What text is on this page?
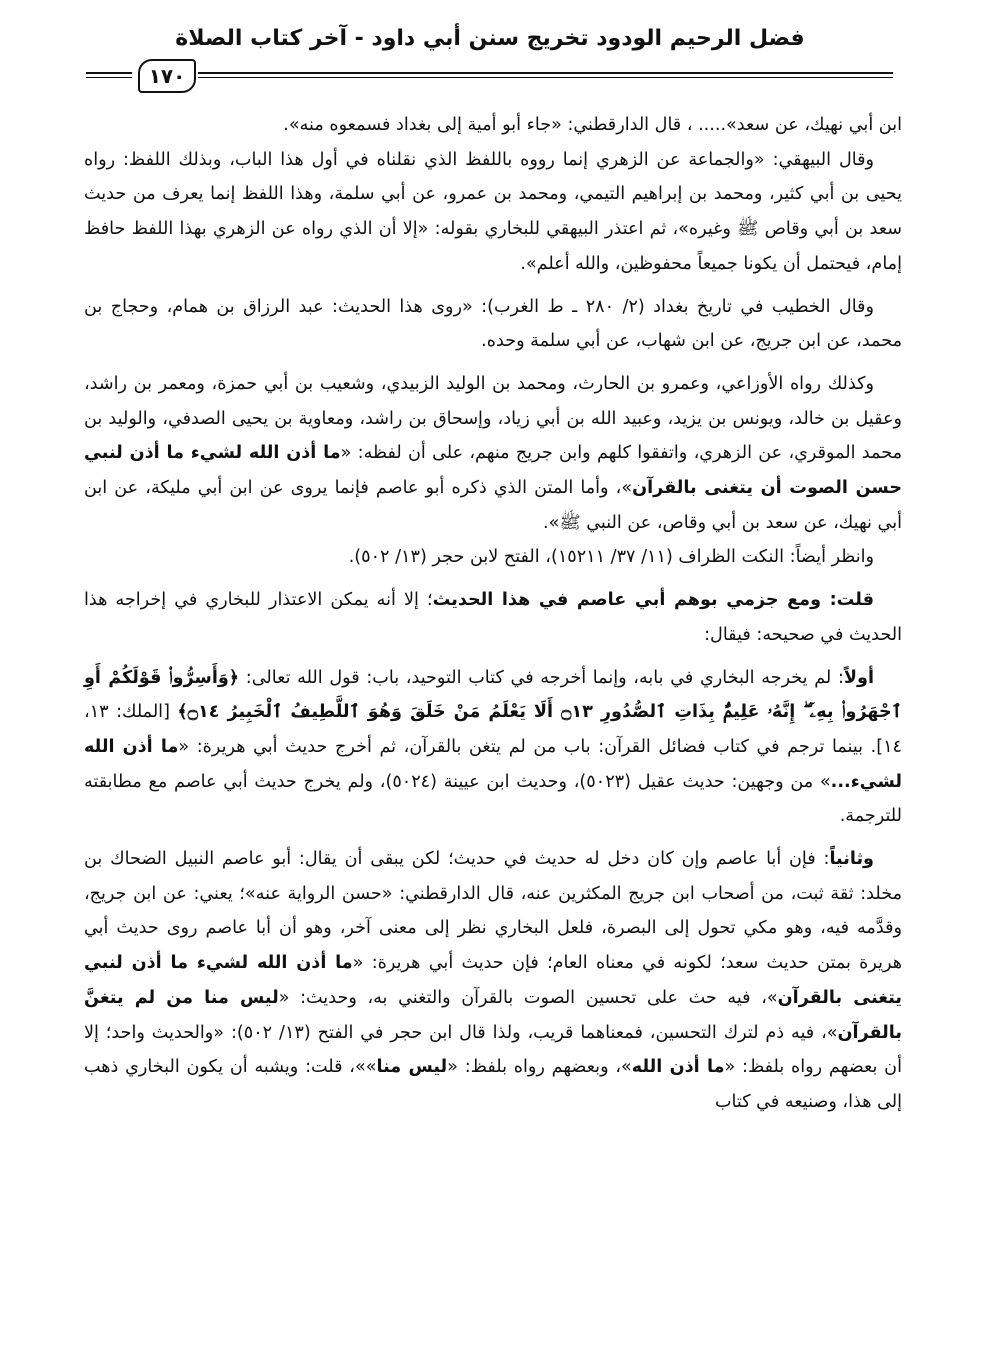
فضل الرحيم الودود تخريج سنن أبي داود - آخر كتاب الصلاة
١٧٠

ابن أبي نهيك، عن سعد»..... ، قال الدارقطني: «جاء أبو أمية إلى بغداد فسمعوه منه».

وقال البيهقي: «والجماعة عن الزهري إنما رووه باللفظ الذي نقلناه في أول هذا الباب، وبذلك اللفظ: رواه يحيى بن أبي كثير، ومحمد بن إبراهيم التيمي، ومحمد بن عمرو، عن أبي سلمة، وهذا اللفظ إنما يعرف من حديث سعد بن أبي وقاص ﷺ وغيره»، ثم اعتذر البيهقي للبخاري بقوله: «إلا أن الذي رواه عن الزهري بهذا اللفظ حافظ إمام، فيحتمل أن يكونا جميعاً محفوظين، والله أعلم».

وقال الخطيب في تاريخ بغداد (٢/ ٢٨٠ ـ ط الغرب): «روى هذا الحديث: عبد الرزاق بن همام، وحجاج بن محمد، عن ابن جريج، عن ابن شهاب، عن أبي سلمة وحده.

وكذلك رواه الأوزاعي، وعمرو بن الحارث، ومحمد بن الوليد الزبيدي، وشعيب بن أبي حمزة، ومعمر بن راشد، وعقيل بن خالد، ويونس بن يزيد، وعبيد الله بن أبي زياد، وإسحاق بن راشد، ومعاوية بن يحيى الصدفي، والوليد بن محمد الموقري، عن الزهري، واتفقوا كلهم وابن جريج منهم، على أن لفظه: «ما أذن الله لشيء ما أذن لنبي حسن الصوت أن يتغنى بالقرآن»، وأما المتن الذي ذكره أبو عاصم فإنما يروى عن ابن أبي مليكة، عن ابن أبي نهيك، عن سعد بن أبي وقاص، عن النبي ﷺ».

وانظر أيضاً: النكت الظراف (١١/ ٣٧/ ١٥٢١١)، الفتح لابن حجر (١٣/ ٥٠٢).

قلت: ومع جزمي بوهم أبي عاصم في هذا الحديث؛ إلا أنه يمكن الاعتذار للبخاري في إخراجه هذا الحديث في صحيحه: فيقال:

أولاً: لم يخرجه البخاري في بابه، وإنما أخرجه في كتاب التوحيد، باب: قول الله تعالى: ﴿وَأَسِرُّوا۟ قَوْلَكُمْ أَوِ ٱجْهَرُوا۟ بِهِۦٓ ۖ إِنَّهُۥ عَلِيمٌۢ بِذَاتِ ٱلصُّدُورِ ۝١٣ أَلَا يَعْلَمُ مَنْ خَلَقَ وَهُوَ ٱللَّطِيفُ ٱلْخَبِيرُ ۝١٤﴾ [الملك: ١٣، ١٤]. بينما ترجم في كتاب فضائل القرآن: باب من لم يتغن بالقرآن، ثم أخرج حديث أبي هريرة: «ما أذن الله لشيء...» من وجهين: حديث عقيل (٥٠٢٣)، وحديث ابن عيينة (٥٠٢٤)، ولم يخرج حديث أبي عاصم مع مطابقته للترجمة.

وثانياً: فإن أبا عاصم وإن كان دخل له حديث في حديث؛ لكن يبقى أن يقال: أبو عاصم النبيل الضحاك بن مخلد: ثقة ثبت، من أصحاب ابن جريج المكثرين عنه، قال الدارقطني: «حسن الرواية عنه»؛ يعني: عن ابن جريج، وقدَّمه فيه، وهو مكي تحول إلى البصرة، فلعل البخاري نظر إلى معنى آخر، وهو أن أبا عاصم روى حديث أبي هريرة بمتن حديث سعد؛ لكونه في معناه العام؛ فإن حديث أبي هريرة: «ما أذن الله لشيء ما أذن لنبي يتغنى بالقرآن»، فيه حث على تحسين الصوت بالقرآن والتغني به، وحديث: «ليس منا من لم يتغنَّ بالقرآن»، فيه ذم لترك التحسين، فمعناهما قريب، ولذا قال ابن حجر في الفتح (١٣/ ٥٠٢): «والحديث واحد؛ إلا أن بعضهم رواه بلفظ: «ما أذن الله»، وبعضهم رواه بلفظ: «ليس منا»»، قلت: ويشبه أن يكون البخاري ذهب إلى هذا، وصنيعه في كتاب
